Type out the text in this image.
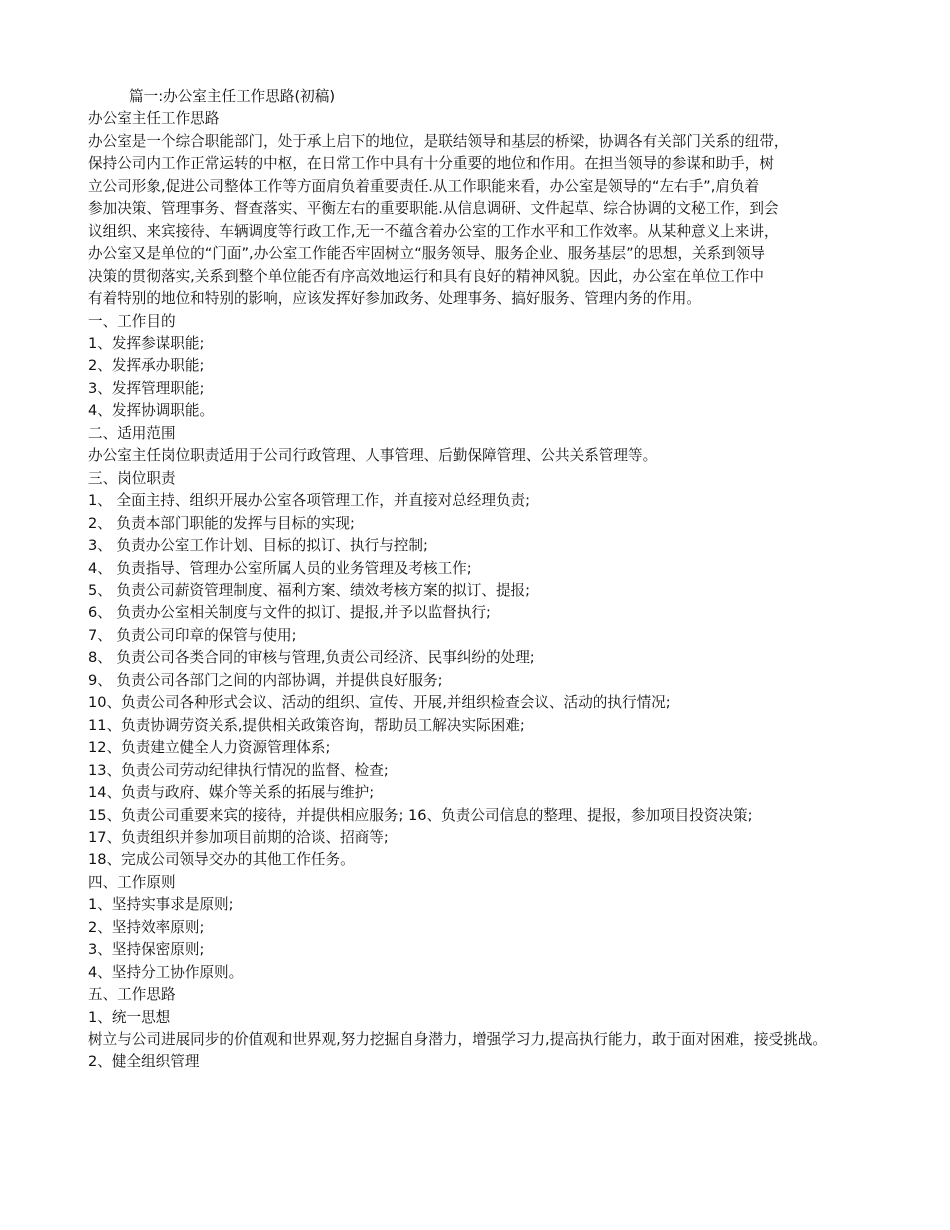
篇一:办公室主任工作思路(初稿)

办公室主任工作思路

办公室是一个综合职能部门，处于承上启下的地位，是联结领导和基层的桥梁，协调各有关部门关系的纽带，

保持公司内工作正常运转的中枢，在日常工作中具有十分重要的地位和作用。在担当领导的参谋和助手，树

立公司形象,促进公司整体工作等方面肩负着重要责任.从工作职能来看，办公室是领导的“左右手”,肩负着

参加决策、管理事务、督查落实、平衡左右的重要职能.从信息调研、文件起草、综合协调的文秘工作，到会

议组织、来宾接待、车辆调度等行政工作,无一不蕴含着办公室的工作水平和工作效率。从某种意义上来讲，

办公室又是单位的“门面”,办公室工作能否牢固树立“服务领导、服务企业、服务基层”的思想，关系到领导

决策的贯彻落实,关系到整个单位能否有序高效地运行和具有良好的精神风貌。因此，办公室在单位工作中

有着特别的地位和特别的影响，应该发挥好参加政务、处理事务、搞好服务、管理内务的作用。

一、工作目的

1、发挥参谋职能;

2、发挥承办职能;

3、发挥管理职能;

4、发挥协调职能。

二、适用范围

办公室主任岗位职责适用于公司行政管理、人事管理、后勤保障管理、公共关系管理等。

三、岗位职责

1、 全面主持、组织开展办公室各项管理工作，并直接对总经理负责;

2、 负责本部门职能的发挥与目标的实现;

3、 负责办公室工作计划、目标的拟订、执行与控制;

4、 负责指导、管理办公室所属人员的业务管理及考核工作;

5、 负责公司薪资管理制度、福利方案、绩效考核方案的拟订、提报;

6、 负责办公室相关制度与文件的拟订、提报,并予以监督执行;

7、 负责公司印章的保管与使用;

8、 负责公司各类合同的审核与管理,负责公司经济、民事纠纷的处理;

9、 负责公司各部门之间的内部协调，并提供良好服务;

10、负责公司各种形式会议、活动的组织、宣传、开展,并组织检查会议、活动的执行情况;

11、负责协调劳资关系,提供相关政策咨询，帮助员工解决实际困难;

12、负责建立健全人力资源管理体系;

13、负责公司劳动纪律执行情况的监督、检查;

14、负责与政府、媒介等关系的拓展与维护;

15、负责公司重要来宾的接待，并提供相应服务; 16、负责公司信息的整理、提报，参加项目投资决策;

17、负责组织并参加项目前期的洽谈、招商等;

18、完成公司领导交办的其他工作任务。

四、工作原则

1、坚持实事求是原则;

2、坚持效率原则;

3、坚持保密原则;

4、坚持分工协作原则。

五、工作思路

1、统一思想

树立与公司进展同步的价值观和世界观,努力挖掘自身潜力，增强学习力,提高执行能力，敢于面对困难，接受挑战。

2、健全组织管理
